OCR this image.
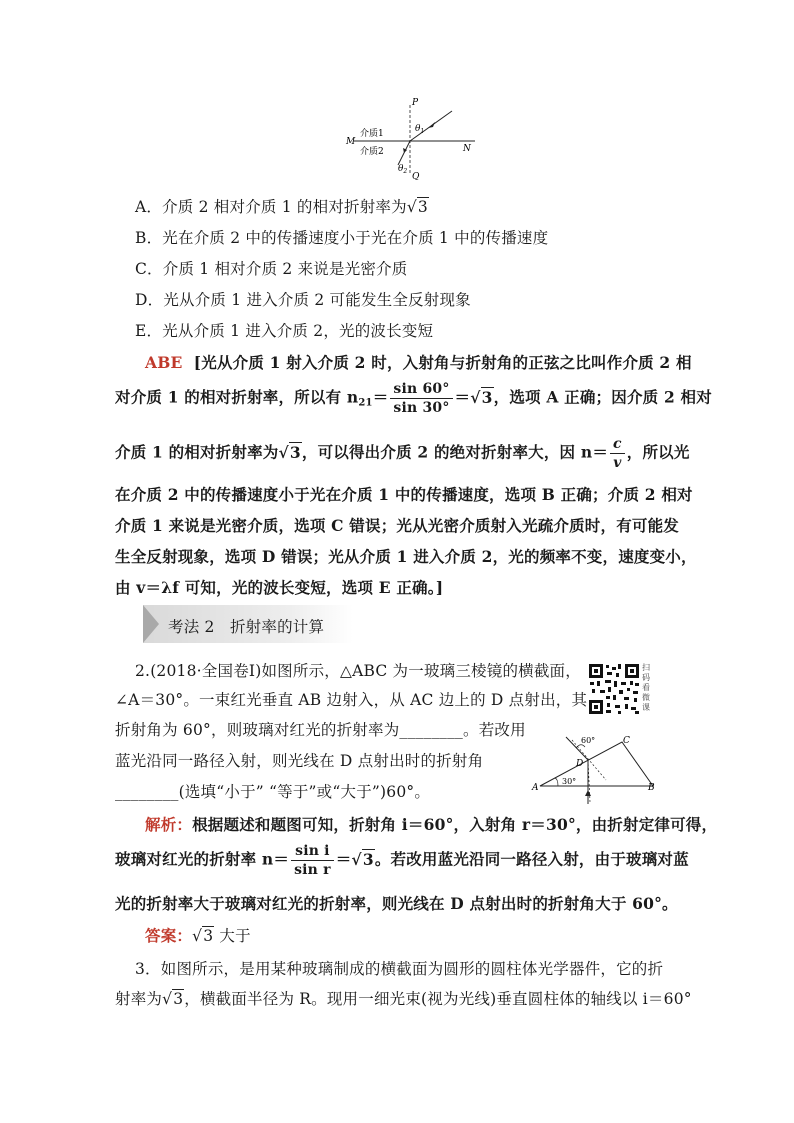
P
M
N
Q
介质1
介质2
$\theta_1$
$\theta_2$
A．介质 2 相对介质 1 的相对折射率为√3
B．光在介质 2 中的传播速度小于光在介质 1 中的传播速度
C．介质 1 相对介质 2 来说是光密介质
D．光从介质 1 进入介质 2 可能发生全反射现象
E．光从介质 1 进入介质 2，光的波长变短
ABE [光从介质 1 射入介质 2 时，入射角与折射角的正弦之比叫作介质 2 相
对介质 1 的相对折射率，所以有 $n_{21}= \frac{\sin 60^\circ}{\sin 30^\circ} =√3$，选项 A 正确；因介质 2 相对
介质 1 的相对折射率为√3，可以得出介质 2 的绝对折射率大，因 $n= \frac{c}{v}$ ，所以光
在介质 2 中的传播速度小于光在介质 1 中的传播速度，选项 B 正确；介质 2 相对
介质 1 来说是光密介质，选项 C 错误；光从光密介质射入光疏介质时，有可能发
生全反射现象，选项 D 错误；光从介质 1 进入介质 2，光的频率不变，速度变小，
由 v＝λf 可知，光的波长变短，选项 E 正确。]
考法 2 折射率的计算
2.(2018·全国卷Ⅰ)如图所示，△ABC 为一玻璃三棱镜的横截面，
∠A＝30°。一束红光垂直 AB 边射入，从 AC 边上的 D 点射出，其
折射角为 60°，则玻璃对红光的折射率为________。若改用
蓝光沿同一路径入射，则光线在 D 点射出时的折射角
________(选填“小于” “等于”或“大于”)60°。
扫码看微课
60°
30°
A	B
C
D
解析：根据题述和题图可知，折射角 i＝60°，入射角 r＝30°，由折射定律可得，
玻璃对红光的折射率 $n= \frac{\text{sin i}}{\text{sin r}} =√3$。若改用蓝光沿同一路径入射，由于玻璃对蓝
光的折射率大于玻璃对红光的折射率，则光线在 D 点射出时的折射角大于 60°。
答案：√3 大于
3．如图所示，是用某种玻璃制成的横截面为圆形的圆柱体光学器件，它的折
射率为√3，横截面半径为 R。现用一细光束(视为光线)垂直圆柱体的轴线以 i＝60°
